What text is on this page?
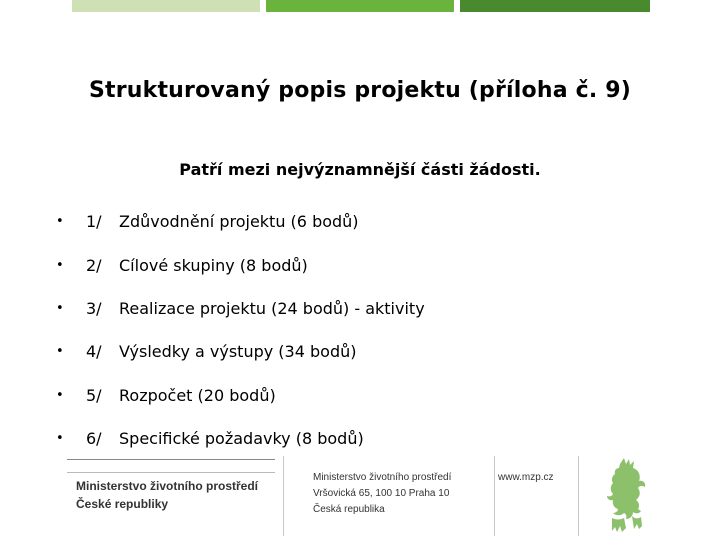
Strukturovaný popis projektu (příloha č. 9)
Patří mezi nejvýznamnější části žádosti.
•	1/	Zdůvodnění projektu (6 bodů)
•	2/	Cílové skupiny (8 bodů)
•	3/	Realizace projektu (24 bodů) - aktivity
•	4/	Výsledky a výstupy (34 bodů)
•	5/	Rozpočet (20 bodů)
•	6/	Specifické požadavky (8 bodů)
Ministerstvo životního prostředí
České republiky
Ministerstvo životního prostředí
Vršovická 65, 100 10 Praha 10
Česká republika
www.mzp.cz
